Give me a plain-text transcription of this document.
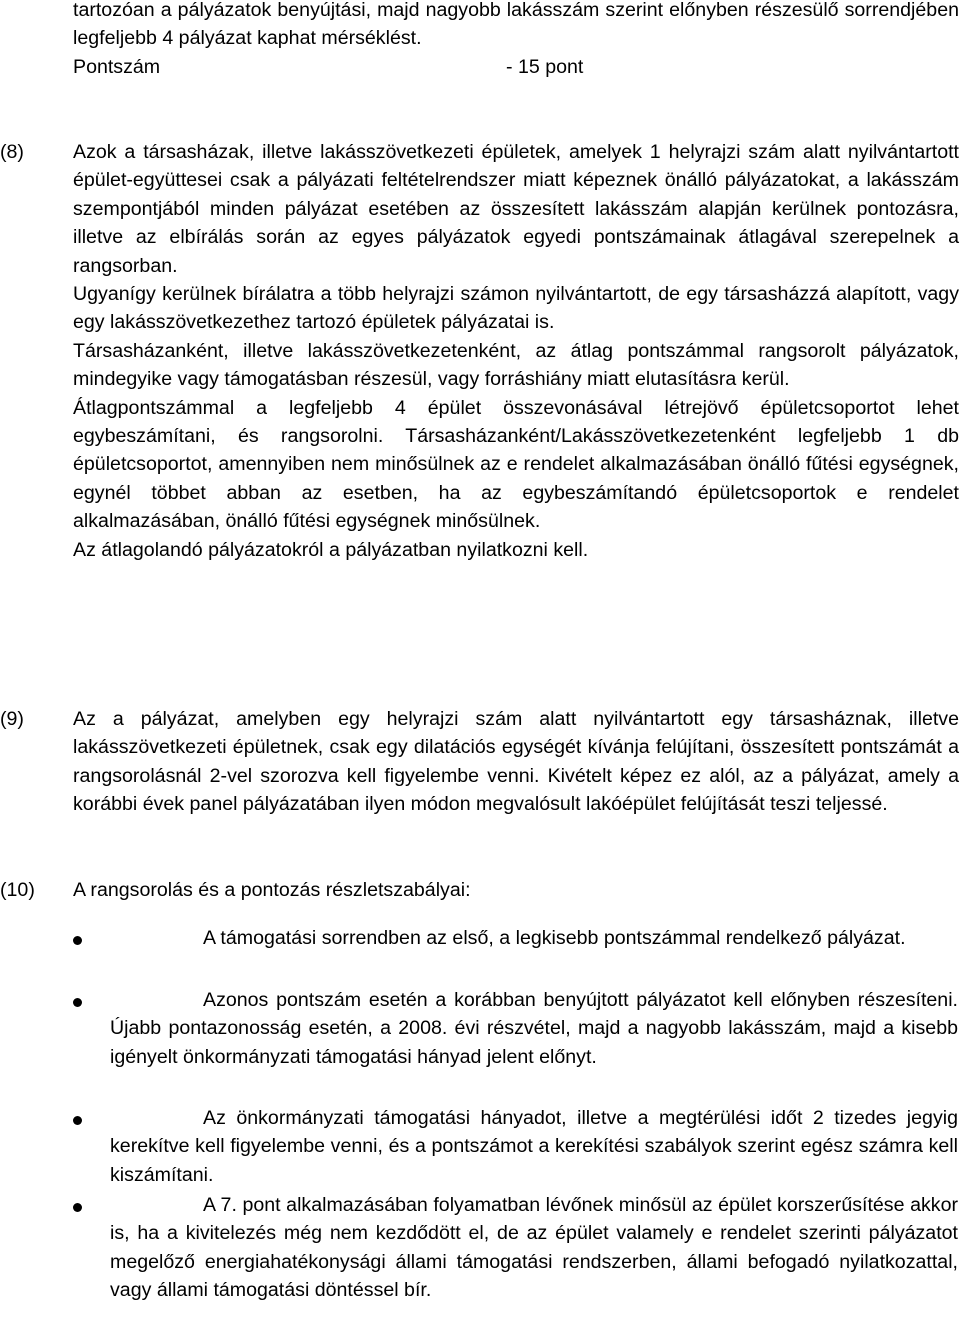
tartozóan a pályázatok benyújtási, majd nagyobb lakásszám szerint előnyben részesülő sorrendjében legfeljebb 4 pályázat kaphat mérséklést.
Pontszám	- 15 pont
(8)	Azok a társasházak, illetve lakásszövetkezeti épületek, amelyek 1 helyrajzi szám alatt nyilvántartott épület-együttesei csak a pályázati feltételrendszer miatt képeznek önálló pályázatokat, a lakásszám szempontjából minden pályázat esetében az összesített lakásszám alapján kerülnek pontozásra, illetve az elbírálás során az egyes pályázatok egyedi pontszámainak átlagával szerepelnek a rangsorban.

Ugyanígy kerülnek bírálatra a több helyrajzi számon nyilvántartott, de egy társasházzá alapított, vagy egy lakásszövetkezethez tartozó épületek pályázatai is.

Társasházanként, illetve lakásszövetkezetenként, az átlag pontszámmal rangsorolt pályázatok, mindegyike vagy támogatásban részesül, vagy forráshiány miatt elutasításra kerül.

Átlagpontszámmal a legfeljebb 4 épület összevonásával létrejövő épületcsoportot lehet egybeszámítani, és rangsorolni. Társasházanként/Lakásszövetkezetenként legfeljebb 1 db épületcsoportot, amennyiben nem minősülnek az e rendelet alkalmazásában önálló fűtési egységnek, egynél többet abban az esetben, ha az egybeszámítandó épületcsoportok e rendelet alkalmazásában, önálló fűtési egységnek minősülnek.

Az átlagolandó pályázatokról a pályázatban nyilatkozni kell.

(9)	Az a pályázat, amelyben egy helyrajzi szám alatt nyilvántartott egy társasháznak, illetve lakásszövetkezeti épületnek, csak egy dilatációs egységét kívánja felújítani, összesített pontszámát a rangsorolásnál 2-vel szorozva kell figyelembe venni. Kivételt képez ez alól, az a pályázat, amely a korábbi évek panel pályázatában ilyen módon megvalósult lakóépület felújítását teszi teljessé.

(10) A rangsorolás és a pontozás részletszabályai:

A támogatási sorrendben az első, a legkisebb pontszámmal rendelkező pályázat.
Azonos pontszám esetén a korábban benyújtott pályázatot kell előnyben részesíteni. Újabb pontazonosság esetén, a 2008. évi részvétel, majd a nagyobb lakásszám, majd a kisebb igényelt önkormányzati támogatási hányad jelent előnyt.
Az önkormányzati támogatási hányadot, illetve a megtérülési időt 2 tizedes jegyig kerekítve kell figyelembe venni, és a pontszámot a kerekítési szabályok szerint egész számra kell kiszámítani.
A 7. pont alkalmazásában folyamatban lévőnek minősül az épület korszerűsítése akkor is, ha a kivitelezés még nem kezdődött el, de az épület valamely e rendelet szerinti pályázatot megelőző energiahatékonysági állami támogatási rendszerben, állami befogadó nyilatkozattal, vagy állami támogatási döntéssel bír.
